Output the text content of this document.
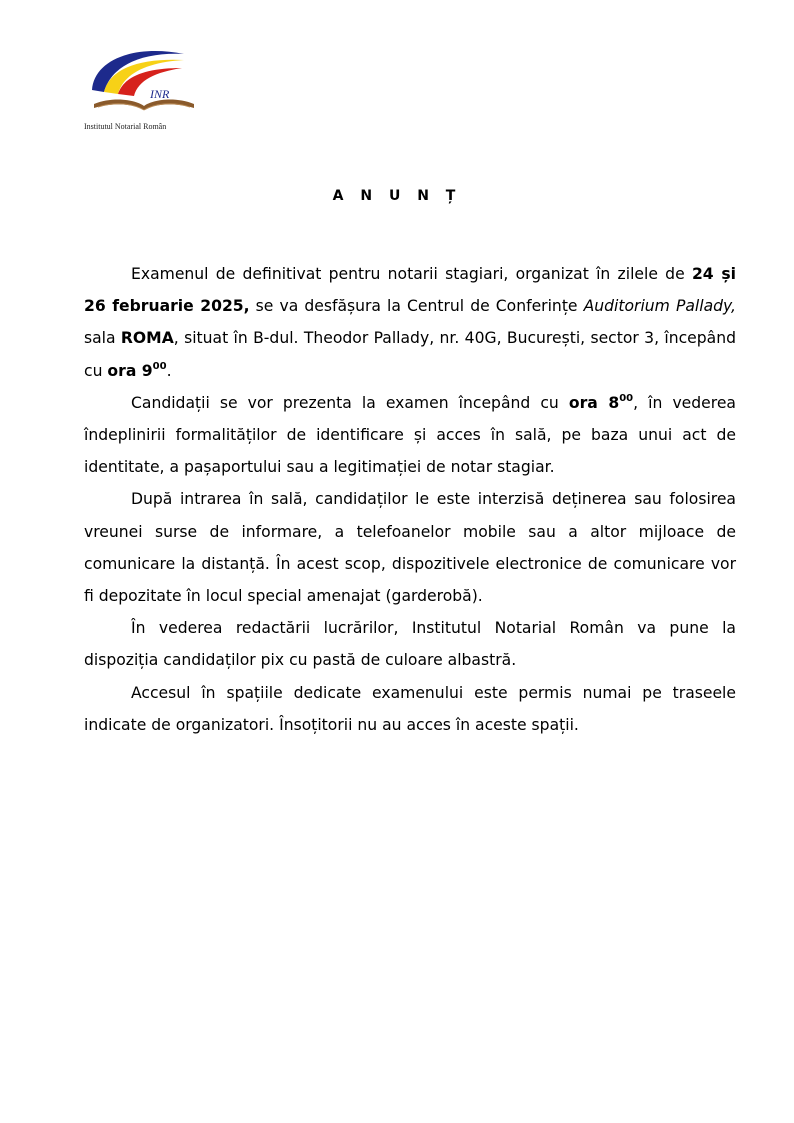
INR
Institutul Notarial Român
A N U N Ț

Examenul de definitivat pentru notarii stagiari, organizat în zilele de 24 și 26 februarie 2025, se va desfășura la Centrul de Conferințe Auditorium Pallady, sala ROMA, situat în B-dul. Theodor Pallady, nr. 40G, București, sector 3, începând cu ora $9^{00}$.

Candidații se vor prezenta la examen începând cu ora $8^{00}$, în vederea îndeplinirii formalităților de identificare și acces în sală, pe baza unui act de identitate, a pașaportului sau a legitimației de notar stagiar.

După intrarea în sală, candidaților le este interzisă deținerea sau folosirea vreunei surse de informare, a telefoanelor mobile sau a altor mijloace de comunicare la distanță. În acest scop, dispozitivele electronice de comunicare vor fi depozitate în locul special amenajat (garderobă).

În vederea redactării lucrărilor, Institutul Notarial Român va pune la dispoziția candidaților pix cu pastă de culoare albastră.

Accesul în spațiile dedicate examenului este permis numai pe traseele indicate de organizatori. Însoțitorii nu au acces în aceste spații.
